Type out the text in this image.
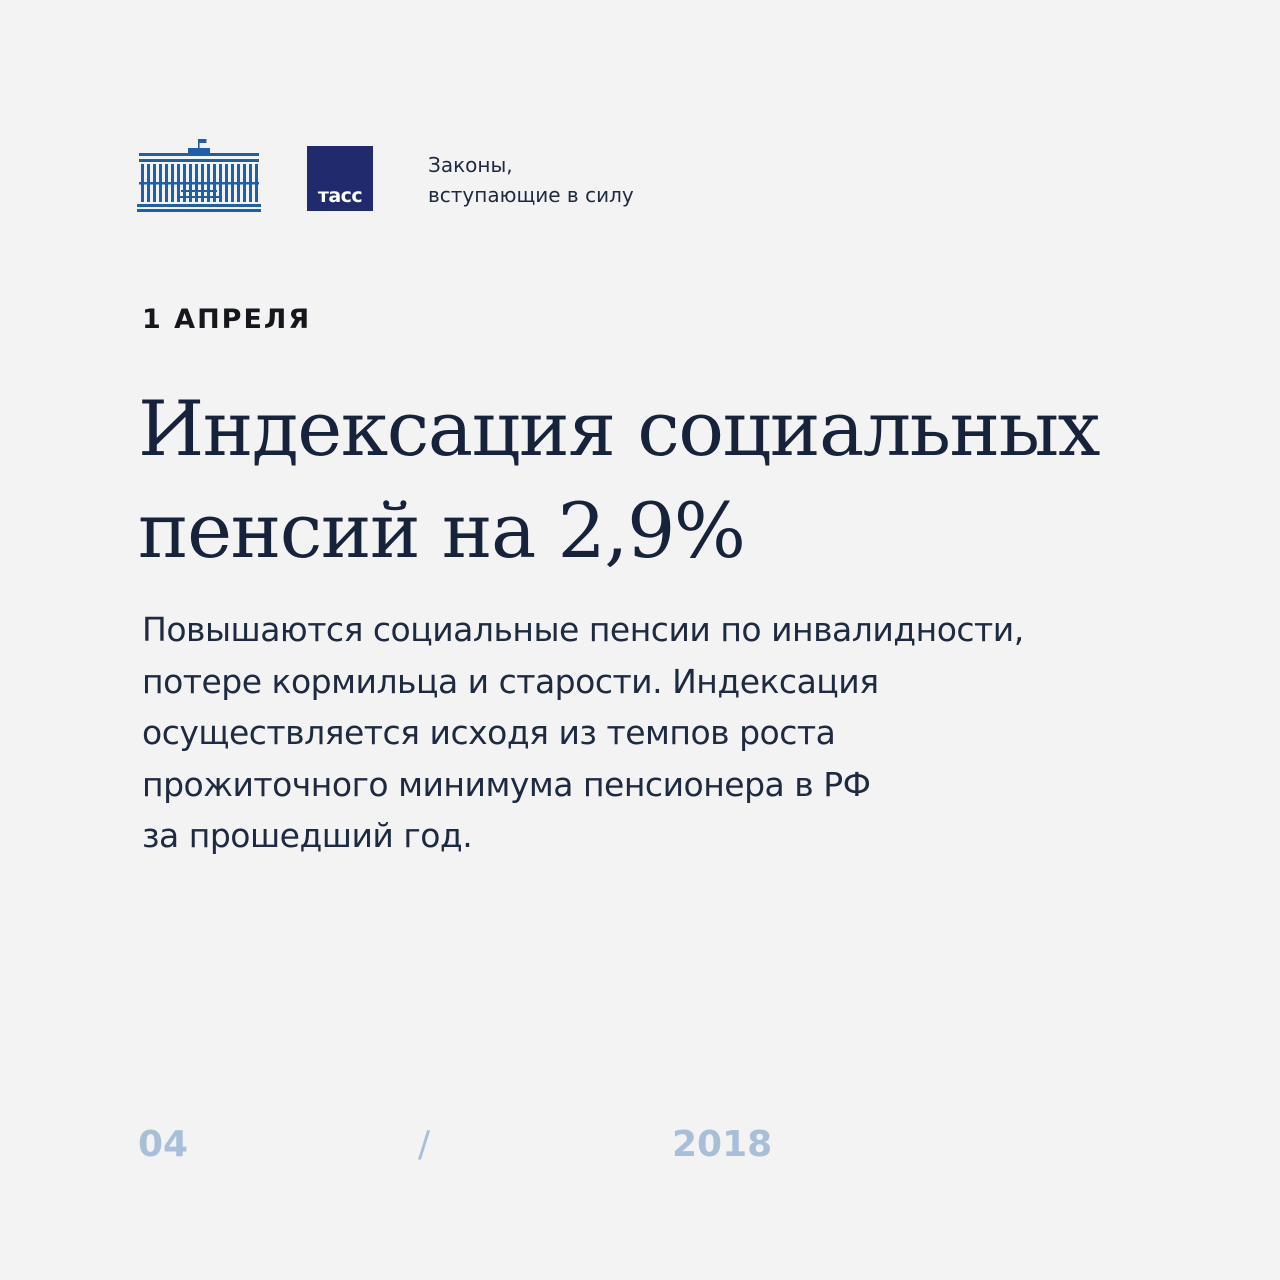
тасс
Законы,
вступающие в силу
1 АПРЕЛЯ
Индексация социальных
пенсий на 2,9%
Повышаются социальные пенсии по инвалидности,
потере кормильца и старости. Индексация
осуществляется исходя из темпов роста
прожиточного минимума пенсионера в РФ
за прошедший год.
04	/	2018
